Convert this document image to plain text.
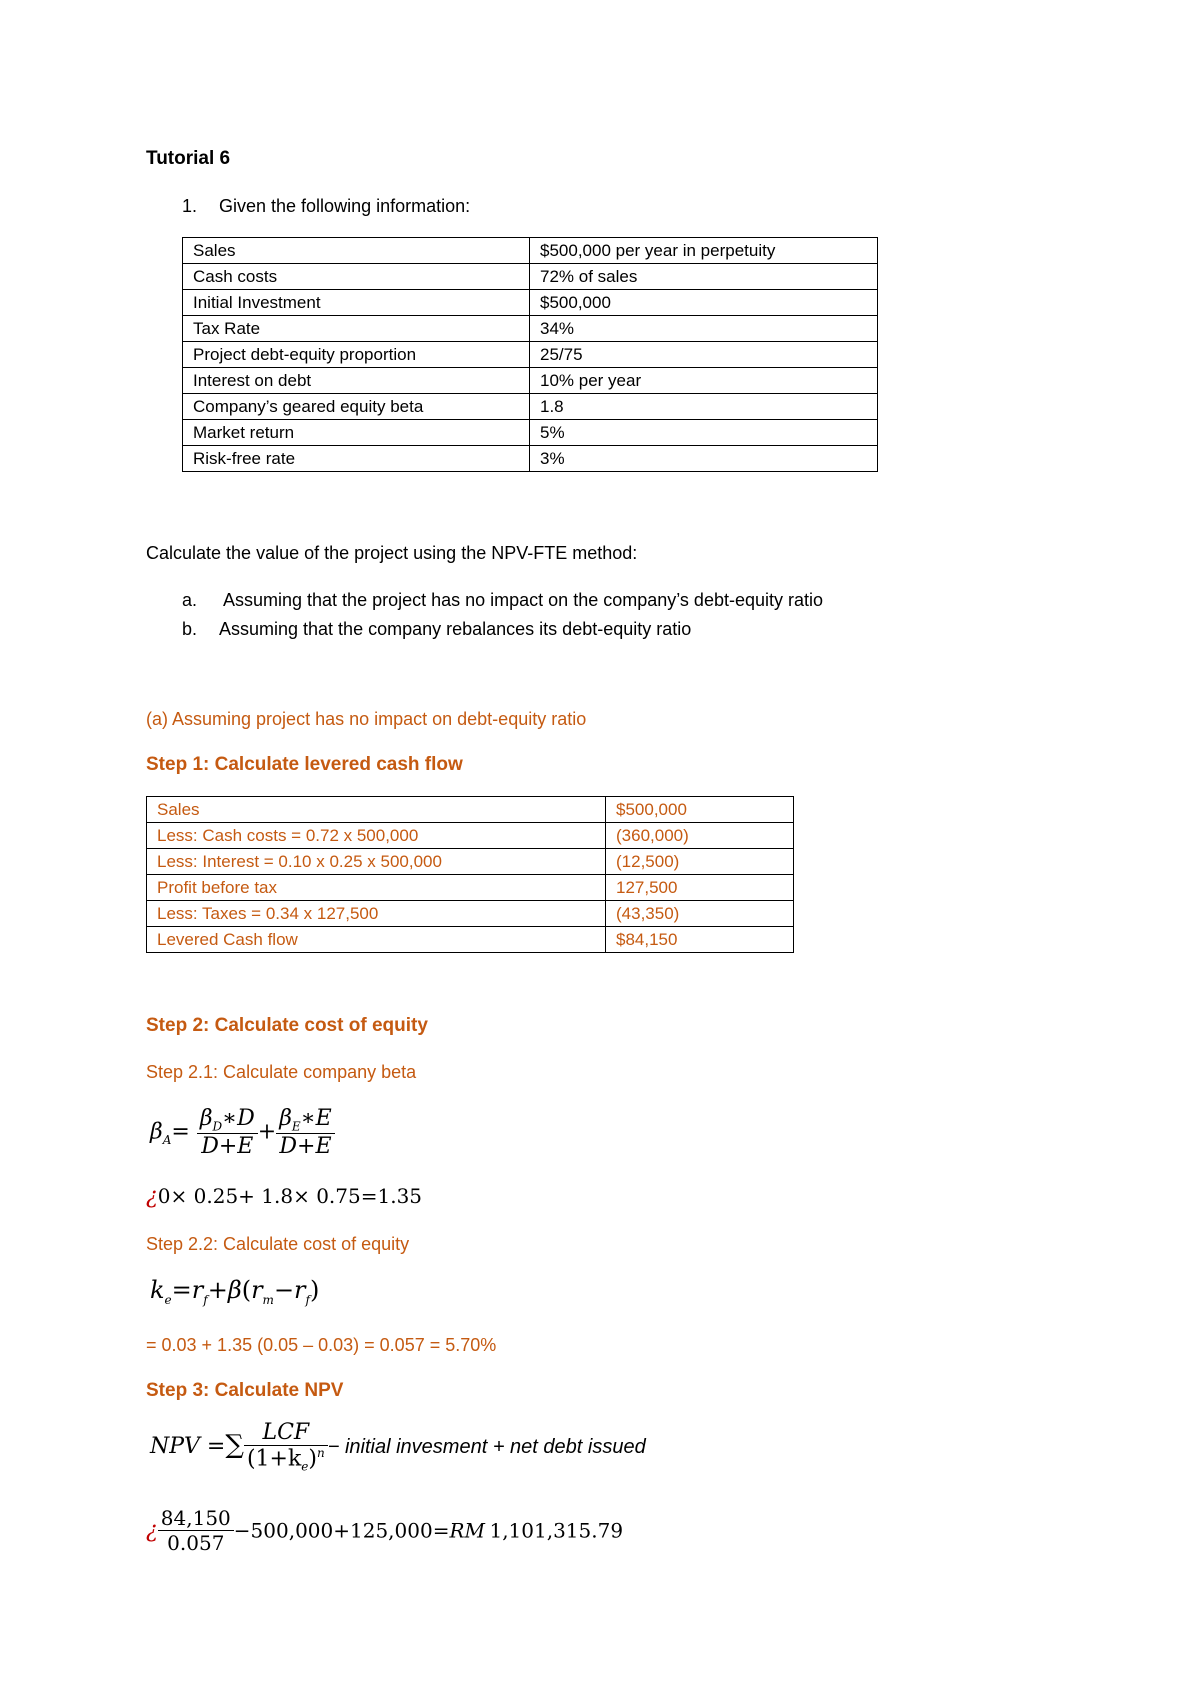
Tutorial 6
1. Given the following information:
Sales	$500,000 per year in perpetuity
Cash costs	72% of sales
Initial Investment	$500,000
Tax Rate	34%
Project debt-equity proportion	25/75
Interest on debt	10% per year
Company’s geared equity beta	1.8
Market return	5%
Risk-free rate	3%
Calculate the value of the project using the NPV-FTE method:
a. Assuming that the project has no impact on the company’s debt-equity ratio
b. Assuming that the company rebalances its debt-equity ratio
(a) Assuming project has no impact on debt-equity ratio
Step 1: Calculate levered cash flow
Sales	$500,000
Less: Cash costs = 0.72 x 500,000	(360,000)
Less: Interest = 0.10 x 0.25 x 500,000	(12,500)
Profit before tax	127,500
Less: Taxes = 0.34 x 127,500	(43,350)
Levered Cash flow	$84,150
Step 2: Calculate cost of equity
Step 2.1: Calculate company beta
$\beta_A= \frac{\beta_D∗D}{D+E} + \frac{\beta_E∗E}{D+E}$
¿0× 0.25+ 1.8× 0.75=1.35
Step 2.2: Calculate cost of equity
$k_e=r_f+\beta(r_m-r_f)$
= 0.03 + 1.35 (0.05 – 0.03) = 0.057 = 5.70%
Step 3: Calculate NPV
NPV =∑ $\frac{\text{LCF}}{(1+k_e)^n}$ − initial invesment + net debt issued
¿ $\frac{84,150}{0.057} -500,000+125,000=RM$ 1,101,315.79
